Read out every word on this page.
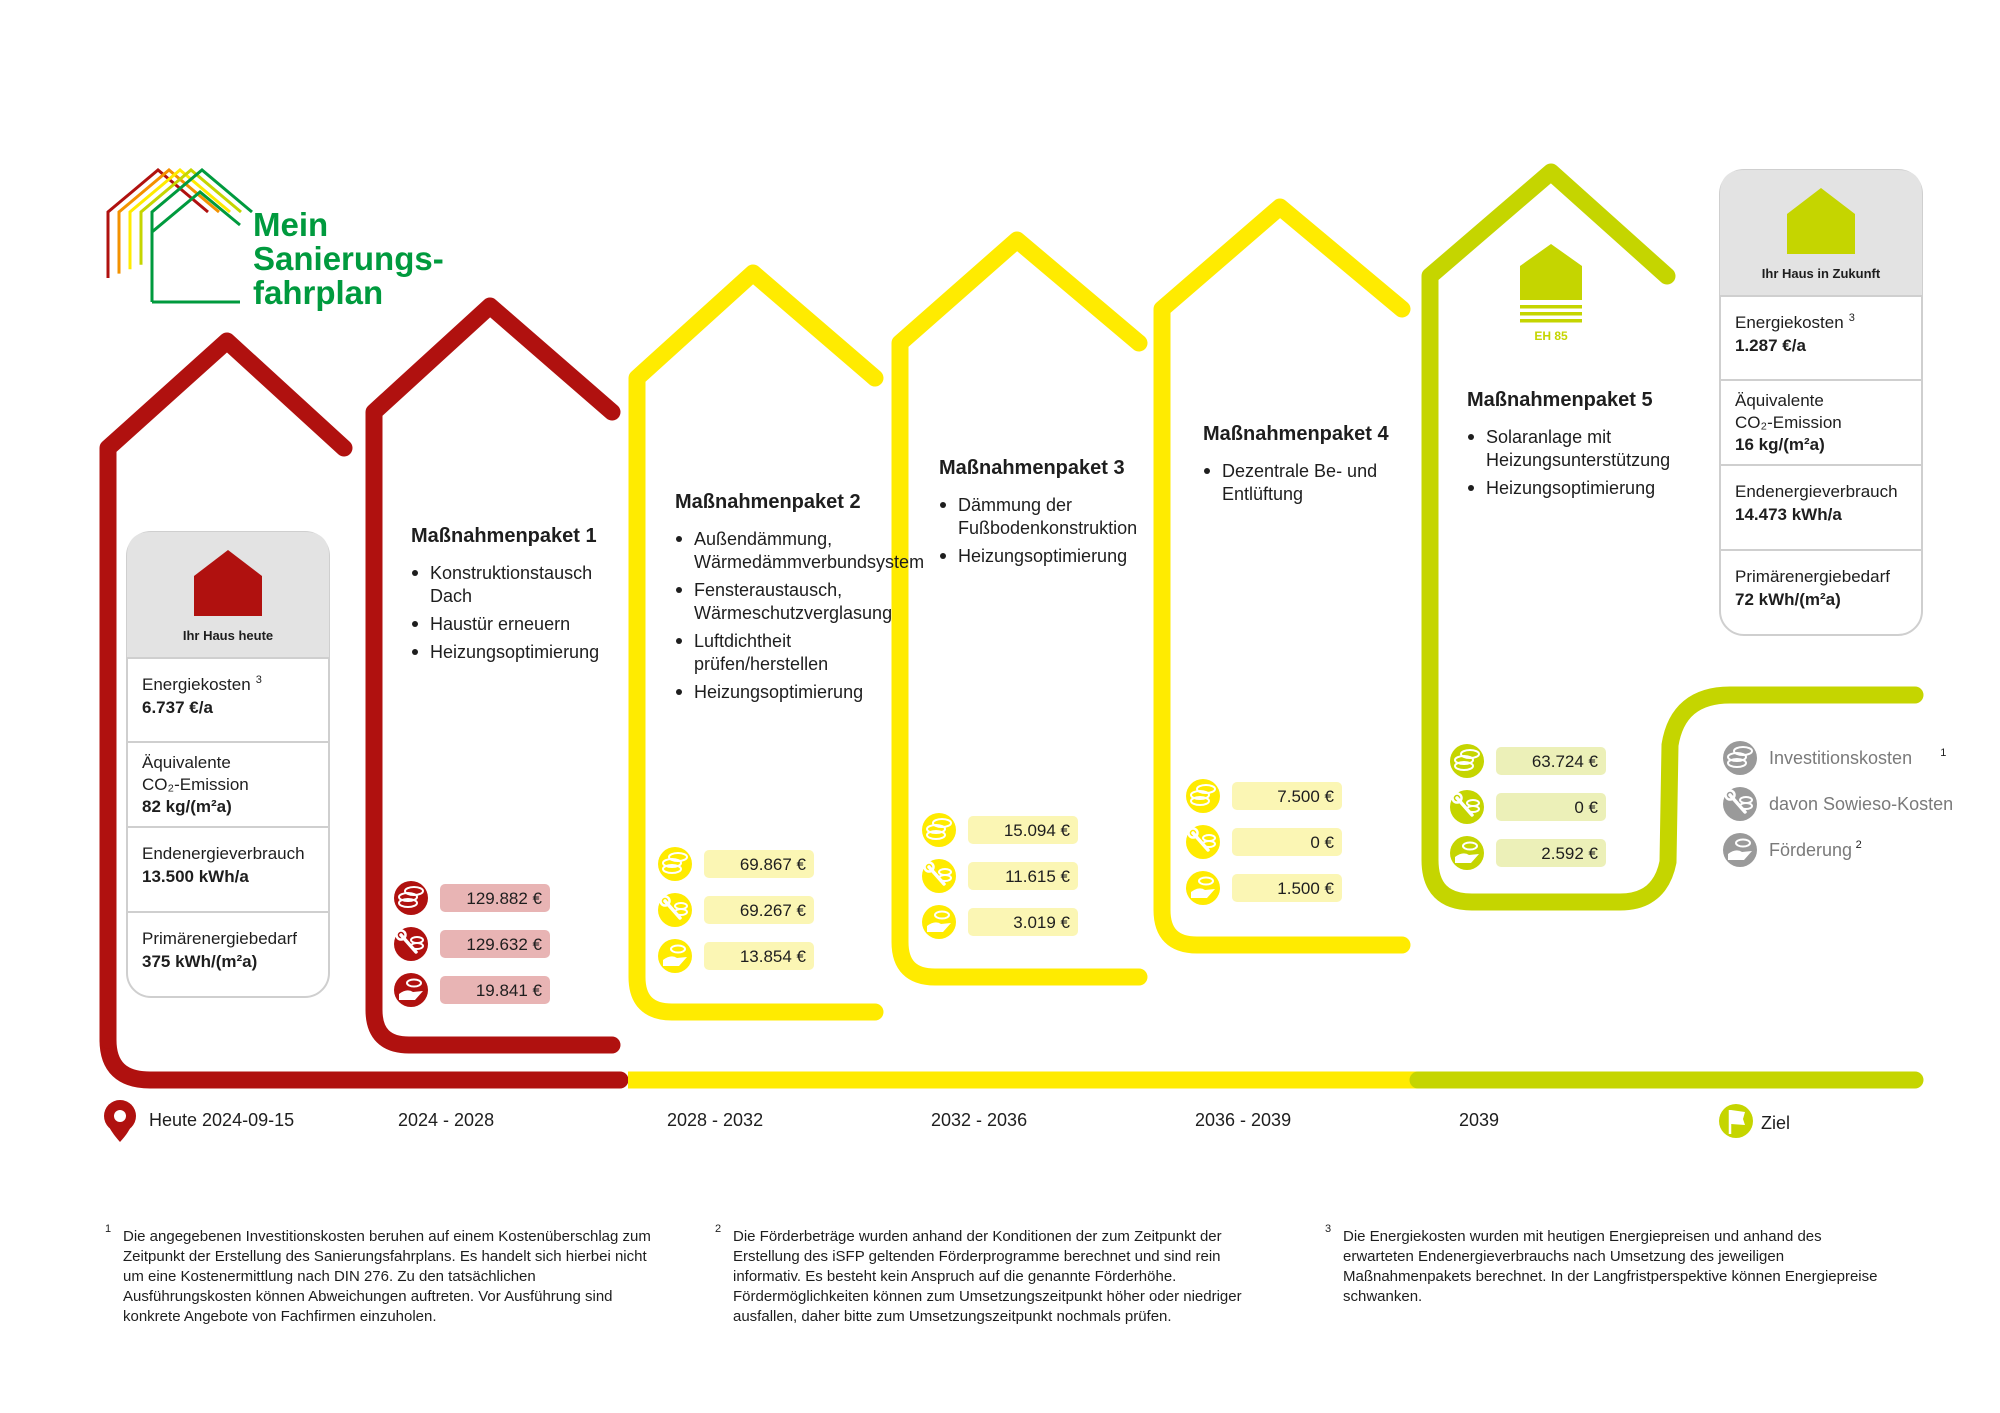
Mein
Sanierungs-
fahrplan
Ihr Haus heute
Energiekosten 3
6.737 €/a
Äquivalente
CO₂-Emission
82 kg/(m²a)
Endenergieverbrauch
13.500 kWh/a
Primärenergiebedarf
375 kWh/(m²a)
Ihr Haus in Zukunft
Energiekosten 3
1.287 €/a
Äquivalente
CO₂-Emission
16 kg/(m²a)
Endenergieverbrauch
14.473 kWh/a
Primärenergiebedarf
72 kWh/(m²a)
Maßnahmenpaket 1
Konstruktionstausch
Dach
Haustür erneuern
Heizungsoptimierung
129.882 €
129.632 €
19.841 €
2024 - 2028
Maßnahmenpaket 2
Außendämmung,
Wärmedämmverbundsystem
Fensteraustausch,
Wärmeschutzverglasung
Luftdichtheit
prüfen/herstellen
Heizungsoptimierung
69.867 €
69.267 €
13.854 €
2028 - 2032
Maßnahmenpaket 3
Dämmung der
Fußbodenkonstruktion
Heizungsoptimierung
15.094 €
11.615 €
3.019 €
2032 - 2036
Maßnahmenpaket 4
Dezentrale Be- und
Entlüftung
7.500 €
0 €
1.500 €
2036 - 2039
Maßnahmenpaket 5
Solaranlage mit
Heizungsunterstützung
Heizungsoptimierung
63.724 €
0 €
2.592 €
2039
EH 85
Investitionskosten	1
davon Sowieso-Kosten
Förderung 2
Heute 2024-09-15	Ziel
1 Die angegebenen Investitionskosten beruhen auf einem Kostenüberschlag zum
Zeitpunkt der Erstellung des Sanierungsfahrplans. Es handelt sich hierbei nicht
um eine Kostenermittlung nach DIN 276. Zu den tatsächlichen
Ausführungskosten können Abweichungen auftreten. Vor Ausführung sind
konkrete Angebote von Fachfirmen einzuholen.
2 Die Förderbeträge wurden anhand der Konditionen der zum Zeitpunkt der
Erstellung des iSFP geltenden Förderprogramme berechnet und sind rein
informativ. Es besteht kein Anspruch auf die genannte Förderhöhe.
Fördermöglichkeiten können zum Umsetzungszeitpunkt höher oder niedriger
ausfallen, daher bitte zum Umsetzungszeitpunkt nochmals prüfen.
3 Die Energiekosten wurden mit heutigen Energiepreisen und anhand des
erwarteten Endenergieverbrauchs nach Umsetzung des jeweiligen
Maßnahmenpakets berechnet. In der Langfristperspektive können Energiepreise
schwanken.
